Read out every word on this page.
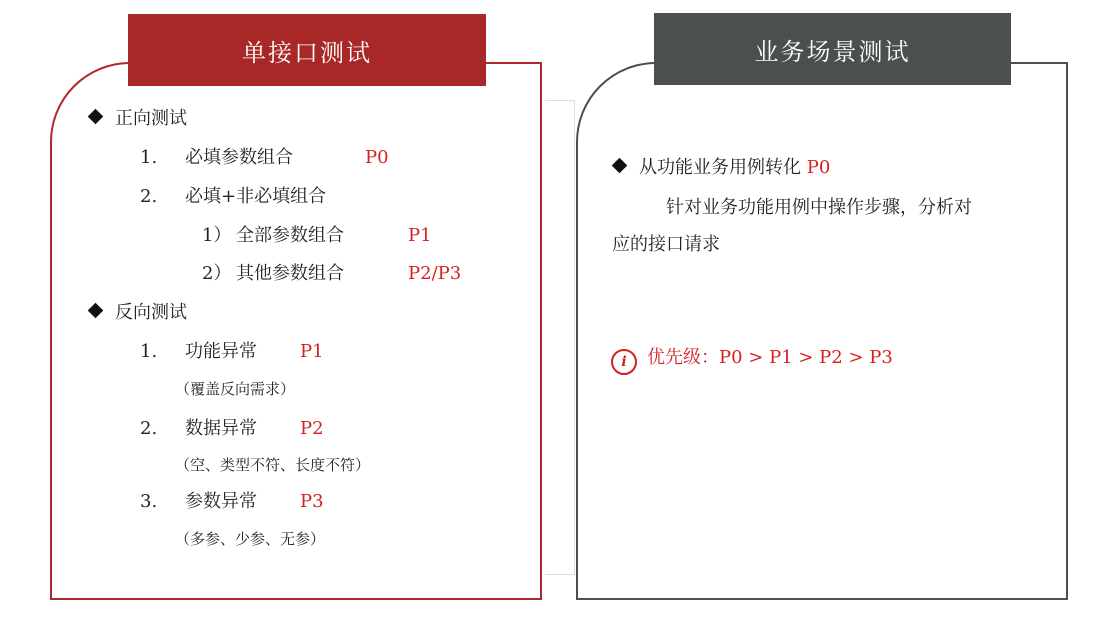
单接口测试	业务场景测试
正向测试
1. 必填参数组合	P0
2. 必填+非必填组合
1） 全部参数组合	P1
2） 其他参数组合	P2/P3
反向测试
1. 功能异常 P1
（覆盖反向需求）
2. 数据异常 P2
（空、类型不符、长度不符）
3. 参数异常 P3
（多参、少参、无参）
从功能业务用例转化 P0
针对业务功能用例中操作步骤，分析对
应的接口请求
i 优先级：P0 > P1 > P2 > P3
